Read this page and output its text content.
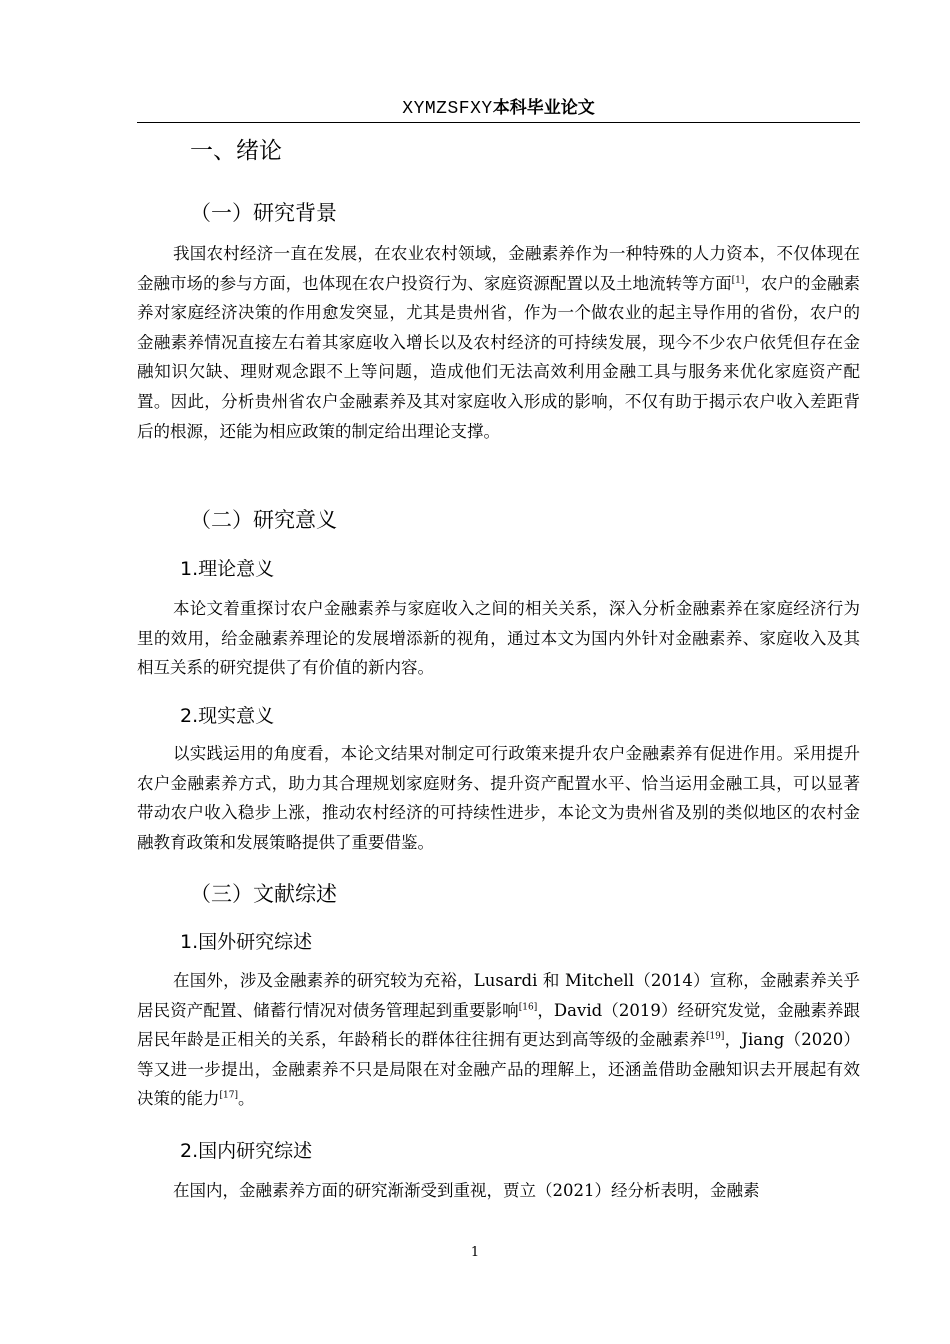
XYMZSFXY本科毕业论文
一、绪论
（一）研究背景

我国农村经济一直在发展，在农业农村领域，金融素养作为一种特殊的人力资本，不仅体现在金融市场的参与方面，也体现在农户投资行为、家庭资源配置以及土地流转等方面[1]，农户的金融素养对家庭经济决策的作用愈发突显，尤其是贵州省，作为一个做农业的起主导作用的省份，农户的金融素养情况直接左右着其家庭收入增长以及农村经济的可持续发展，现今不少农户依凭但存在金融知识欠缺、理财观念跟不上等问题，造成他们无法高效利用金融工具与服务来优化家庭资产配置。因此，分析贵州省农户金融素养及其对家庭收入形成的影响，不仅有助于揭示农户收入差距背后的根源，还能为相应政策的制定给出理论支撑。

（二）研究意义
1.理论意义

本论文着重探讨农户金融素养与家庭收入之间的相关关系，深入分析金融素养在家庭经济行为里的效用，给金融素养理论的发展增添新的视角，通过本文为国内外针对金融素养、家庭收入及其相互关系的研究提供了有价值的新内容。

2.现实意义

以实践运用的角度看，本论文结果对制定可行政策来提升农户金融素养有促进作用。采用提升农户金融素养方式，助力其合理规划家庭财务、提升资产配置水平、恰当运用金融工具，可以显著带动农户收入稳步上涨，推动农村经济的可持续性进步，本论文为贵州省及别的类似地区的农村金融教育政策和发展策略提供了重要借鉴。

（三）文献综述
1.国外研究综述

在国外，涉及金融素养的研究较为充裕，Lusardi 和 Mitchell（2014）宣称，金融素养关乎居民资产配置、储蓄行情况对债务管理起到重要影响[16]，David（2019）经研究发觉，金融素养跟居民年龄是正相关的关系，年龄稍长的群体往往拥有更达到高等级的金融素养[19]，Jiang（2020）等又进一步提出，金融素养不只是局限在对金融产品的理解上，还涵盖借助金融知识去开展起有效决策的能力[17]。

2.国内研究综述

在国内，金融素养方面的研究渐渐受到重视，贾立（2021）经分析表明，金融素

1
